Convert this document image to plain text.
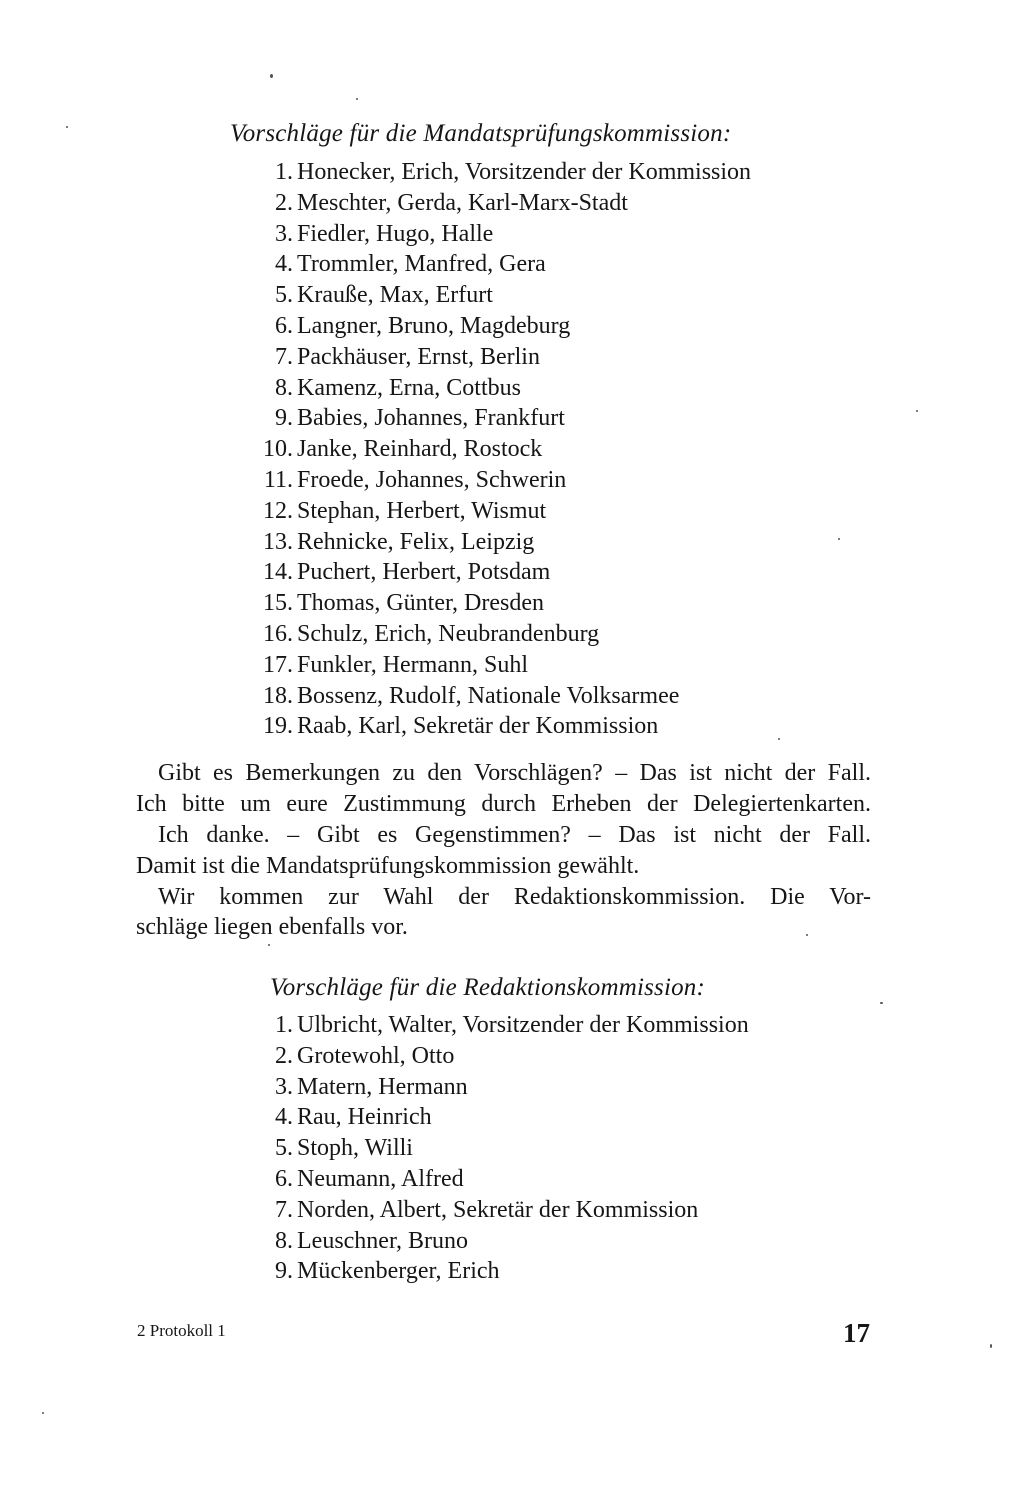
Vorschläge für die Mandatsprüfungskommission:
1. Honecker, Erich, Vorsitzender der Kommission
2. Meschter, Gerda, Karl-Marx-Stadt
3. Fiedler, Hugo, Halle
4. Trommler, Manfred, Gera
5. Krauße, Max, Erfurt
6. Langner, Bruno, Magdeburg
7. Packhäuser, Ernst, Berlin
8. Kamenz, Erna, Cottbus
9. Babies, Johannes, Frankfurt
10. Janke, Reinhard, Rostock
11. Froede, Johannes, Schwerin
12. Stephan, Herbert, Wismut
13. Rehnicke, Felix, Leipzig
14. Puchert, Herbert, Potsdam
15. Thomas, Günter, Dresden
16. Schulz, Erich, Neubrandenburg
17. Funkler, Hermann, Suhl
18. Bossenz, Rudolf, Nationale Volksarmee
19. Raab, Karl, Sekretär der Kommission
Gibt es Bemerkungen zu den Vorschlägen? – Das ist nicht der Fall.
Ich bitte um eure Zustimmung durch Erheben der Delegiertenkarten.
Ich danke. – Gibt es Gegenstimmen? – Das ist nicht der Fall.
Damit ist die Mandatsprüfungskommission gewählt.
Wir kommen zur Wahl der Redaktionskommission. Die Vor-
schläge liegen ebenfalls vor.
Vorschläge für die Redaktionskommission:
1. Ulbricht, Walter, Vorsitzender der Kommission
2. Grotewohl, Otto
3. Matern, Hermann
4. Rau, Heinrich
5. Stoph, Willi
6. Neumann, Alfred
7. Norden, Albert, Sekretär der Kommission
8. Leuschner, Bruno
9. Mückenberger, Erich
2 Protokoll 1	17
